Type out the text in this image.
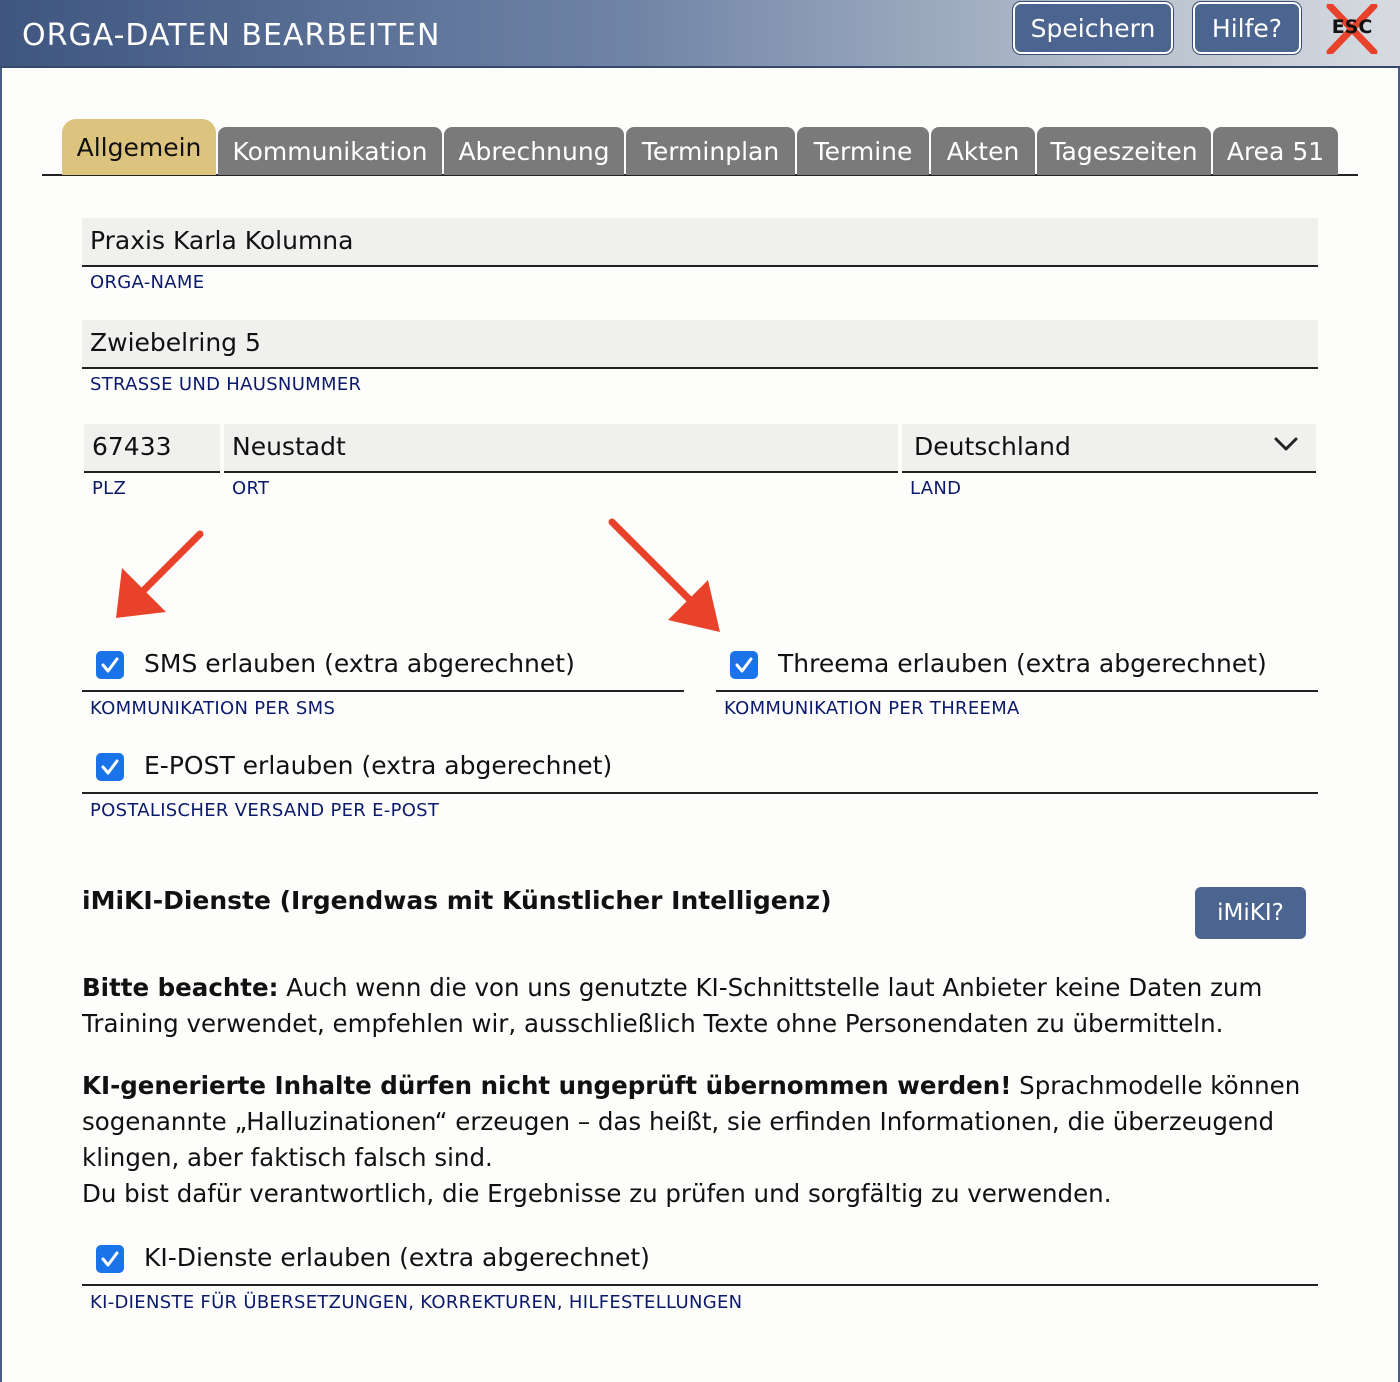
ORGA-DATEN BEARBEITEN	Speichern	Hilfe?	ESC
Allgemein	Kommunikation	Abrechnung	Terminplan	Termine	Akten	Tageszeiten	Area 51
Praxis Karla Kolumna
ORGA-NAME
Zwiebelring 5
STRASSE UND HAUSNUMMER
67433
PLZ
Neustadt
ORT
Deutschland
LAND
SMS erlauben (extra abgerechnet)
KOMMUNIKATION PER SMS
Threema erlauben (extra abgerechnet)
KOMMUNIKATION PER THREEMA
E-POST erlauben (extra abgerechnet)
POSTALISCHER VERSAND PER E-POST
iMiKI-Dienste (Irgendwas mit Künstlicher Intelligenz)	iMiKI?
Bitte beachte: Auch wenn die von uns genutzte KI-Schnittstelle laut Anbieter keine Daten zum Training verwendet, empfehlen wir, ausschließlich Texte ohne Personendaten zu übermitteln.
KI-generierte Inhalte dürfen nicht ungeprüft übernommen werden! Sprachmodelle können sogenannte „Halluzinationen“ erzeugen – das heißt, sie erfinden Informationen, die überzeugend klingen, aber faktisch falsch sind.
Du bist dafür verantwortlich, die Ergebnisse zu prüfen und sorgfältig zu verwenden.
KI-Dienste erlauben (extra abgerechnet)
KI-DIENSTE FÜR ÜBERSETZUNGEN, KORREKTUREN, HILFESTELLUNGEN
